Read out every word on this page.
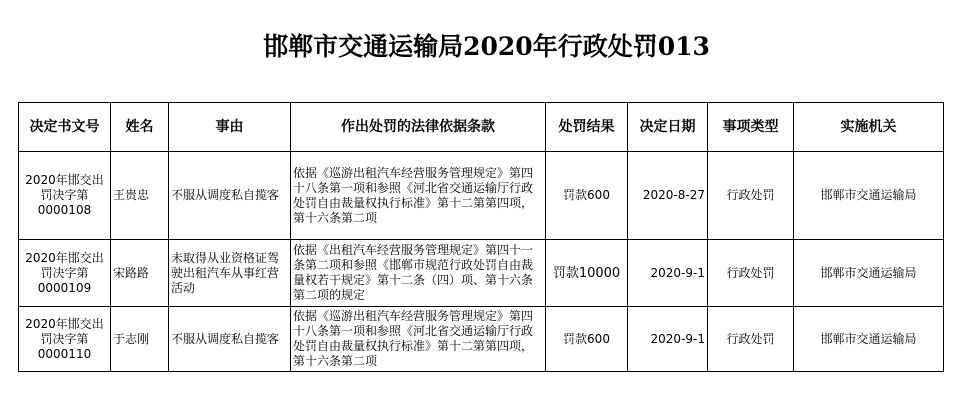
邯郸市交通运输局2020年行政处罚013
决定书文号	姓名	事由	作出处罚的法律依据条款	处罚结果	决定日期	事项类型	实施机关
2020年邯交出罚决字第0000108	王贵忠	不服从调度私自揽客	依据《巡游出租汽车经营服务管理规定》第四十八条第一项和参照《河北省交通运输厅行政处罚自由裁量权执行标准》第十二第第四项，第十六条第二项	罚款600	2020-8-27	行政处罚	邯郸市交通运输局
2020年邯交出罚决字第0000109	宋路路	未取得从业资格证驾驶出租汽车从事红营活动	依据《出租汽车经营服务管理规定》第四十一条第二项和参照《邯郸市规范行政处罚自由裁量权若干规定》第十二条（四）项、第十六条第二项的规定	罚款10000	2020-9-1	行政处罚	邯郸市交通运输局
2020年邯交出罚决字第0000110	于志刚	不服从调度私自揽客	依据《巡游出租汽车经营服务管理规定》第四十八条第一项和参照《河北省交通运输厅行政处罚自由裁量权执行标准》第十二第第四项，第十六条第二项	罚款600	2020-9-1	行政处罚	邯郸市交通运输局
